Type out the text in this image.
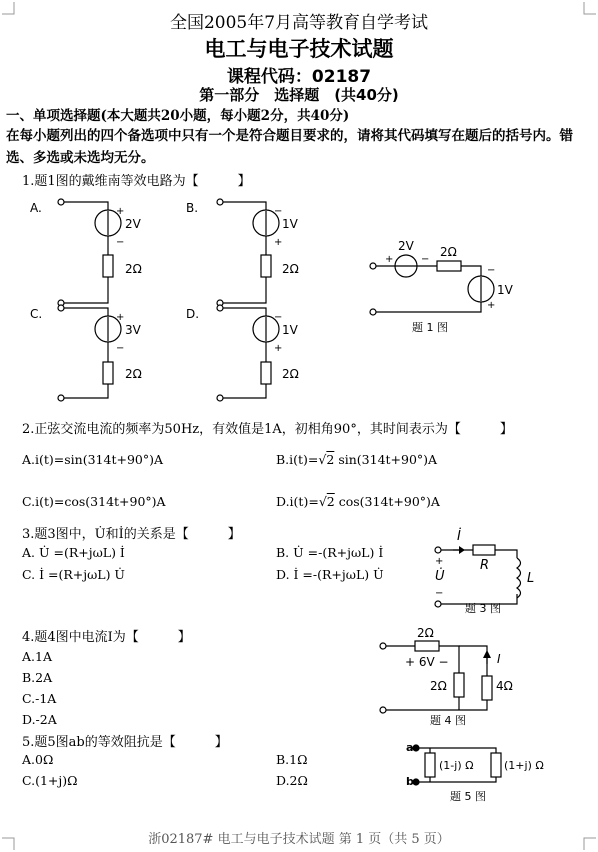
全国2005年7月高等教育自学考试
电工与电子技术试题
课程代码：02187
第一部分　选择题　(共40分)
一、单项选择题(本大题共20小题，每小题2分，共40分)
在每小题列出的四个备选项中只有一个是符合题目要求的，请将其代码填写在题后的括号内。错选、多选或未选均无分。
1.题1图的戴维南等效电路为【　　　】
A.	B.
C.	D.
2V
2Ω
1V
2Ω
3V
2Ω
1V
2Ω
2V 2Ω
1V
题 1 图
+
−
−
+
+
−
−
+
+	−
−
+
2.正弦交流电流的频率为50Hz，有效值是1A，初相角90°，其时间表示为【　　　】
A.i(t)=sin(314t+90°)A	B.i(t)=√2 sin(314t+90°)A
C.i(t)=cos(314t+90°)A	D.i(t)=√2 cos(314t+90°)A
3.题3图中，U̇和İ的关系是【　　　】
A. U̇ =(R+jωL) İ	B. U̇ =-(R+jωL) İ
C. İ =(R+jωL) U̇	D. İ =-(R+jωL) U̇
İ
U̇
R
L
+
−
题 3 图
4.题4图中电流I为【　　　】
A.1A
B.2A
C.-1A
D.-2A
2Ω
+ 6V −
2Ω	4Ω
I
题 4 图
5.题5图ab的等效阻抗是【　　　】
A.0Ω	B.1Ω
C.(1+j)Ω	D.2Ω
a
b
(1-j) Ω	(1+j) Ω
题 5 图
浙02187# 电工与电子技术试题 第 1 页（共 5 页）
